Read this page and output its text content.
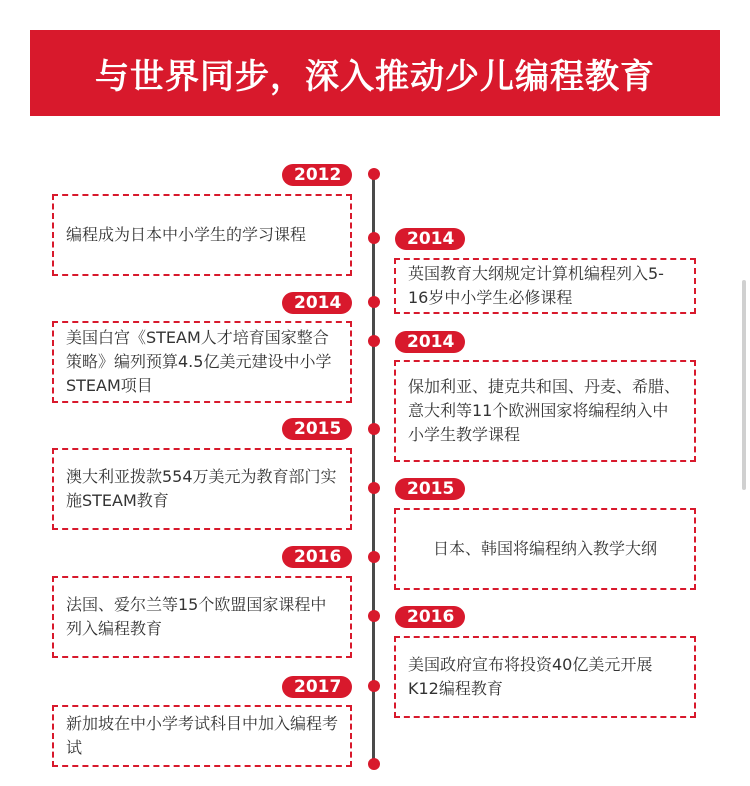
与世界同步，深入推动少儿编程教育
2012
编程成为日本中小学生的学习课程
2014
美国白宫《STEAM人才培育国家整合策略》编列预算4.5亿美元建设中小学STEAM项目
2015
澳大利亚拨款554万美元为教育部门实施STEAM教育
2016
法国、爱尔兰等15个欧盟国家课程中列入编程教育
2017
新加坡在中小学考试科目中加入编程考试
2014
英国教育大纲规定计算机编程列入5-16岁中小学生必修课程
2014
保加利亚、捷克共和国、丹麦、希腊、意大利等11个欧洲国家将编程纳入中小学生教学课程
2015
日本、韩国将编程纳入教学大纲
2016
美国政府宣布将投资40亿美元开展K12编程教育
